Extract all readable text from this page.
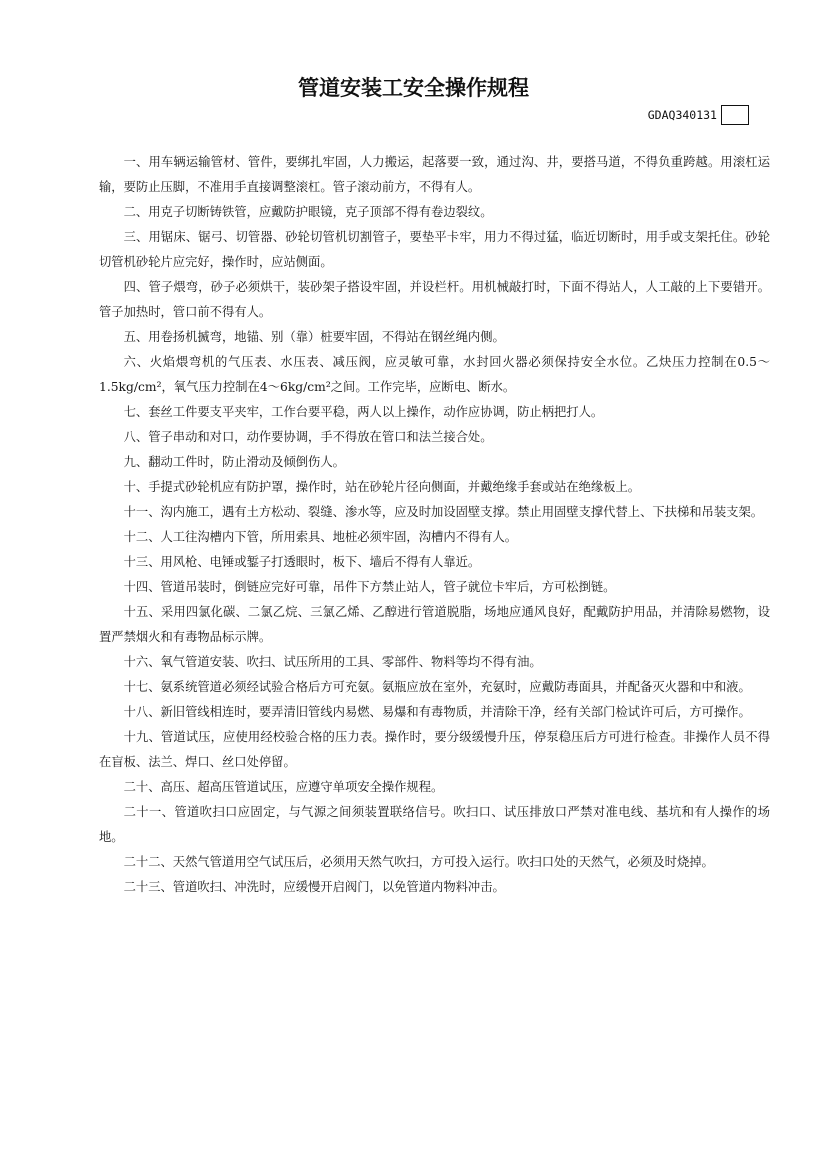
管道安装工安全操作规程
GDAQ340131

一、用车辆运输管材、管件，要绑扎牢固，人力搬运，起落要一致，通过沟、井，要搭马道，不得负重跨越。用滚杠运输，要防止压脚，不准用手直接调整滚杠。管子滚动前方，不得有人。

二、用克子切断铸铁管，应戴防护眼镜，克子顶部不得有卷边裂纹。

三、用锯床、锯弓、切管器、砂轮切管机切割管子，要垫平卡牢，用力不得过猛，临近切断时，用手或支架托住。砂轮切管机砂轮片应完好，操作时，应站侧面。

四、管子煨弯，砂子必须烘干，装砂架子搭设牢固，并设栏杆。用机械敲打时，下面不得站人，人工敲的上下要错开。管子加热时，管口前不得有人。

五、用卷扬机揻弯，地锚、别（靠）桩要牢固，不得站在钢丝绳内侧。

六、火焰煨弯机的气压表、水压表、减压阀，应灵敏可靠，水封回火器必须保持安全水位。乙炔压力控制在0.5～1.5kg/cm²，氧气压力控制在4～6kg/cm²之间。工作完毕，应断电、断水。

七、套丝工件要支平夹牢，工作台要平稳，两人以上操作，动作应协调，防止柄把打人。

八、管子串动和对口，动作要协调，手不得放在管口和法兰接合处。

九、翻动工件时，防止滑动及倾倒伤人。

十、手提式砂轮机应有防护罩，操作时，站在砂轮片径向侧面，并戴绝缘手套或站在绝缘板上。

十一、沟内施工，遇有土方松动、裂缝、渗水等，应及时加设固壁支撑。禁止用固壁支撑代替上、下扶梯和吊装支架。

十二、人工往沟槽内下管，所用索具、地桩必须牢固，沟槽内不得有人。

十三、用风枪、电锤或錾子打透眼时，板下、墙后不得有人靠近。

十四、管道吊装时，倒链应完好可靠，吊件下方禁止站人，管子就位卡牢后，方可松捯链。

十五、采用四氯化碳、二氯乙烷、三氯乙烯、乙醇进行管道脱脂，场地应通风良好，配戴防护用品，并清除易燃物，设置严禁烟火和有毒物品标示牌。

十六、氧气管道安装、吹扫、试压所用的工具、零部件、物料等均不得有油。

十七、氨系统管道必须经试验合格后方可充氨。氨瓶应放在室外，充氨时，应戴防毒面具，并配备灭火器和中和液。

十八、新旧管线相连时，要弄清旧管线内易燃、易爆和有毒物质，并清除干净，经有关部门检试许可后，方可操作。

十九、管道试压，应使用经校验合格的压力表。操作时，要分级缓慢升压，停泵稳压后方可进行检查。非操作人员不得在盲板、法兰、焊口、丝口处停留。

二十、高压、超高压管道试压，应遵守单项安全操作规程。

二十一、管道吹扫口应固定，与气源之间须装置联络信号。吹扫口、试压排放口严禁对准电线、基坑和有人操作的场地。

二十二、天然气管道用空气试压后，必须用天然气吹扫，方可投入运行。吹扫口处的天然气，必须及时烧掉。

二十三、管道吹扫、冲洗时，应缓慢开启阀门，以免管道内物料冲击。
